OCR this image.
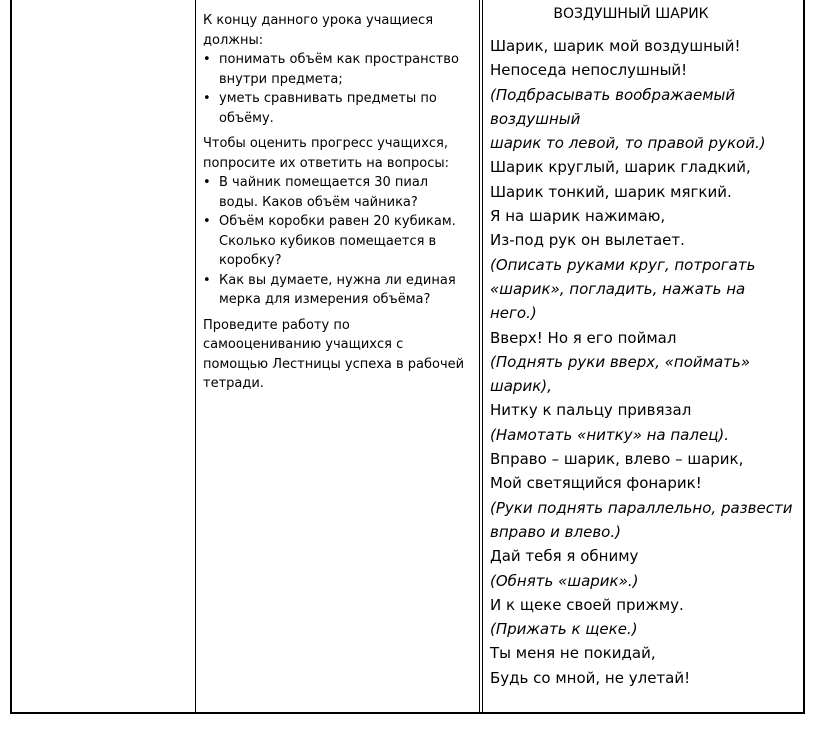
К концу данного урока учащиеся должны:

• понимать объём как пространство внутри предмета;
• уметь сравнивать предметы по объёму.

Чтобы оценить прогресс учащихся, попросите их ответить на вопросы:

• В чайник помещается 30 пиал воды. Каков объём чайника?
• Объём коробки равен 20 кубикам. Сколько кубиков помещается в коробку?
• Как вы думаете, нужна ли единая мерка для измерения объёма?

Проведите работу по самооцениванию учащихся с помощью Лестницы успеха в рабочей тетради.

ВОЗДУШНЫЙ ШАРИК

Шарик, шарик мой воздушный!

Непоседа непослушный!

(Подбрасывать воображаемый

воздушный

шарик то левой, то правой рукой.)

Шарик круглый, шарик гладкий,

Шарик тонкий, шарик мягкий.

Я на шарик нажимаю,

Из-под рук он вылетает.

(Описать руками круг, потрогать

«шарик», погладить, нажать на

него.)

Вверх! Но я его поймал

(Поднять руки вверх, «поймать»

шарик),

Нитку к пальцу привязал

(Намотать «нитку» на палец).

Вправо – шарик, влево – шарик,

Мой светящийся фонарик!

(Руки поднять параллельно, развести

вправо и влево.)

Дай тебя я обниму

(Обнять «шарик».)

И к щеке своей прижму.

(Прижать к щеке.)

Ты меня не покидай,

Будь со мной, не улетай!
